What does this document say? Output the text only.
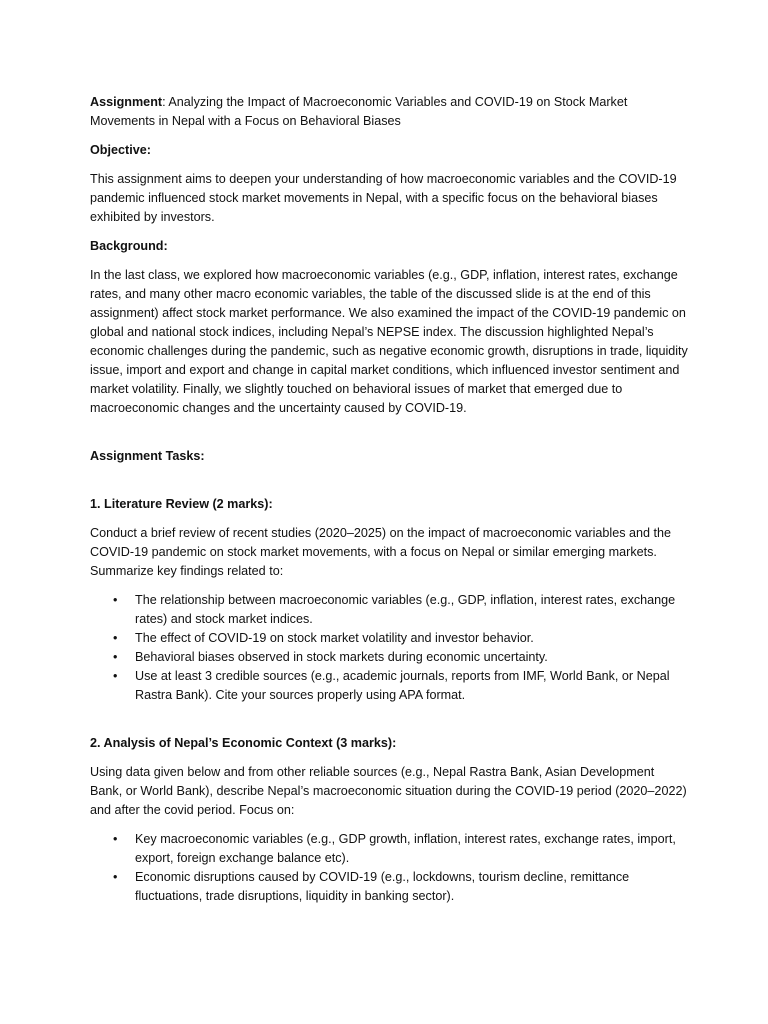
Assignment: Analyzing the Impact of Macroeconomic Variables and COVID-19 on Stock Market Movements in Nepal with a Focus on Behavioral Biases

Objective:

This assignment aims to deepen your understanding of how macroeconomic variables and the COVID-19 pandemic influenced stock market movements in Nepal, with a specific focus on the behavioral biases exhibited by investors.

Background:

In the last class, we explored how macroeconomic variables (e.g., GDP, inflation, interest rates, exchange rates, and many other macro economic variables, the table of the discussed slide is at the end of this assignment) affect stock market performance. We also examined the impact of the COVID-19 pandemic on global and national stock indices, including Nepal’s NEPSE index. The discussion highlighted Nepal’s economic challenges during the pandemic, such as negative economic growth, disruptions in trade, liquidity issue, import and export and change in capital market conditions, which influenced investor sentiment and market volatility. Finally, we slightly touched on behavioral issues of market that emerged due to macroeconomic changes and the uncertainty caused by COVID-19.

Assignment Tasks:

1. Literature Review (2 marks):

Conduct a brief review of recent studies (2020–2025) on the impact of macroeconomic variables and the COVID-19 pandemic on stock market movements, with a focus on Nepal or similar emerging markets. Summarize key findings related to:

• The relationship between macroeconomic variables (e.g., GDP, inflation, interest rates, exchange rates) and stock market indices.
• The effect of COVID-19 on stock market volatility and investor behavior.
• Behavioral biases observed in stock markets during economic uncertainty.
• Use at least 3 credible sources (e.g., academic journals, reports from IMF, World Bank, or Nepal Rastra Bank). Cite your sources properly using APA format.

2. Analysis of Nepal’s Economic Context (3 marks):

Using data given below and from other reliable sources (e.g., Nepal Rastra Bank, Asian Development Bank, or World Bank), describe Nepal’s macroeconomic situation during the COVID-19 period (2020–2022) and after the covid period. Focus on:

• Key macroeconomic variables (e.g., GDP growth, inflation, interest rates, exchange rates, import, export, foreign exchange balance etc).
• Economic disruptions caused by COVID-19 (e.g., lockdowns, tourism decline, remittance fluctuations, trade disruptions, liquidity in banking sector).
